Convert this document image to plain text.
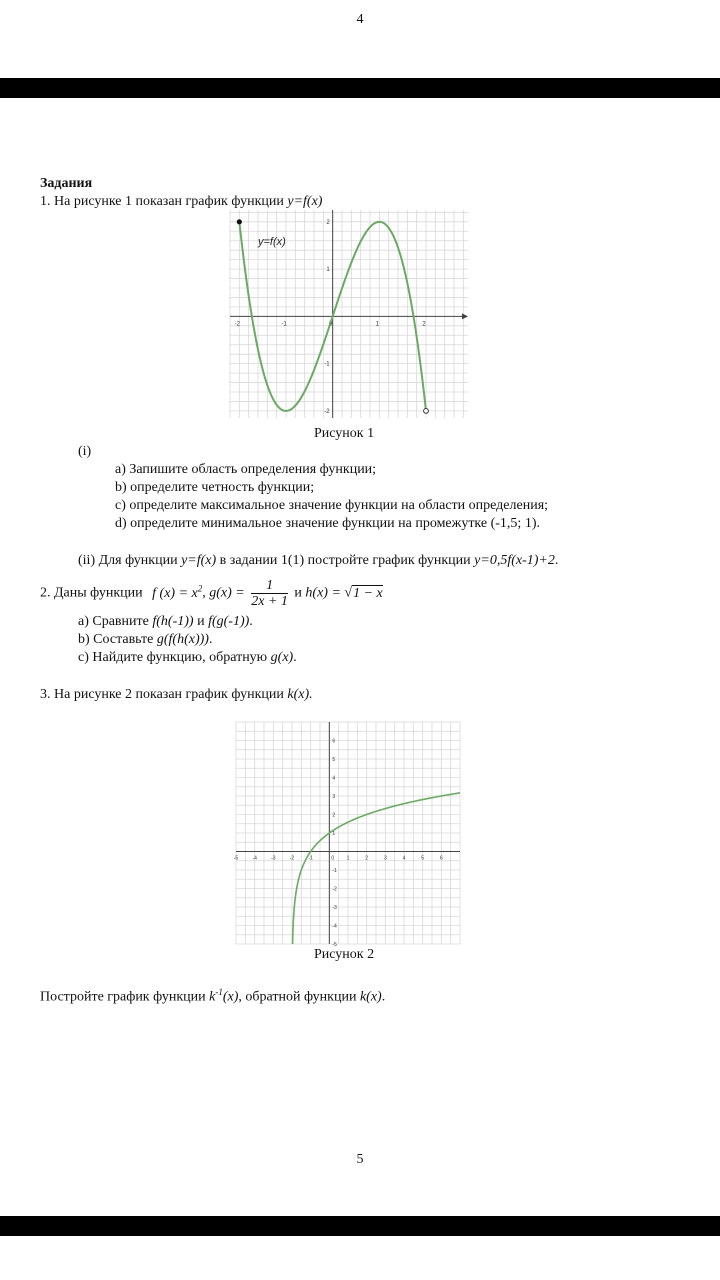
4
Задания
1. На рисунке 1 показан график функции y=f(x)
-2	-1	0	1	2
-2
-1
1
2
y=f(x)
Рисунок 1
(i)
a) Запишите область определения функции;
b) определите четность функции;
c) определите максимальное значение функции на области определения;
d) определите минимальное значение функции на промежутке (-1,5; 1).
(ii) Для функции y=f(x) в задании 1(1) постройте график функции y=0,5f(x-1)+2.
2. Даны функции f $(x) = x^2$, $g(x) = \frac{1}{2x + 1}$ и h(x) = √1 − x
a) Сравните f(h(-1)) и f(g(-1)).
b) Составьте g(f(h(x))).
c) Найдите функцию, обратную g(x).
3. На рисунке 2 показан график функции k(x).
-5	-4	-3	-2	-1	1	2	3	4	5	6
-5
-4
-3
-2
-1
1
2
3
4
5
6
0
Рисунок 2
Постройте график функции $k^{-1}(x)$, обратной функции k(x).
5
